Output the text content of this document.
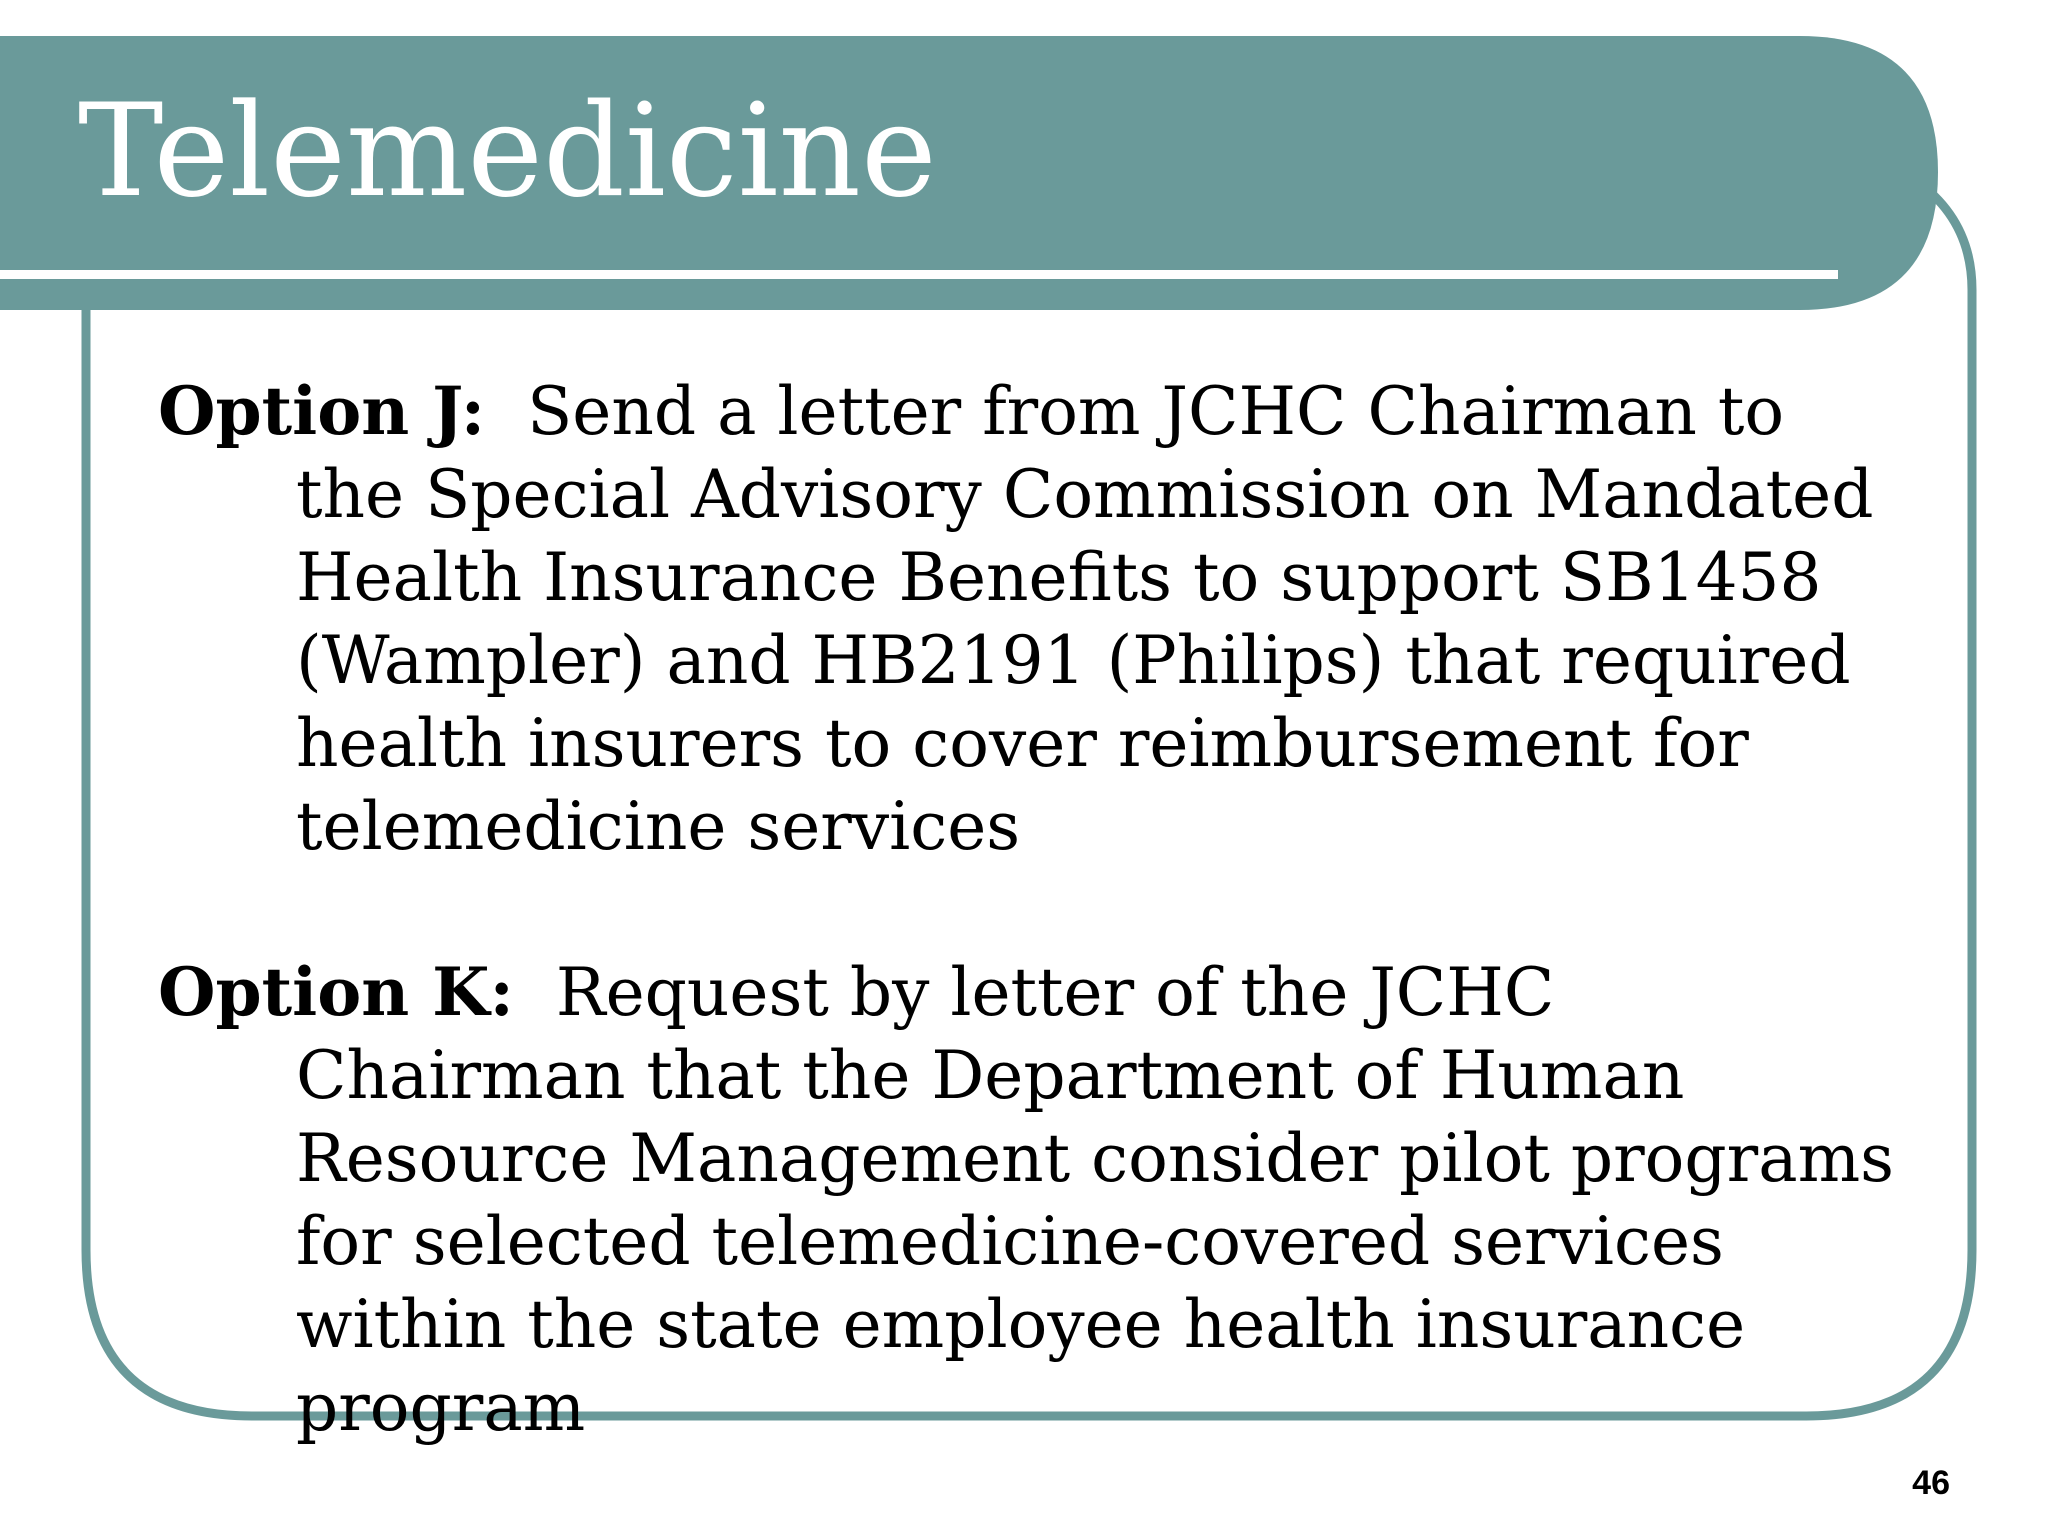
Telemedicine

Option J: Send a letter from JCHC Chairman to the Special Advisory Commission on Mandated Health Insurance Benefits to support SB1458 (Wampler) and HB2191 (Philips) that required health insurers to cover reimbursement for telemedicine services

Option K: Request by letter of the JCHC Chairman that the Department of Human Resource Management consider pilot programs for selected telemedicine-covered services within the state employee health insurance program

46
